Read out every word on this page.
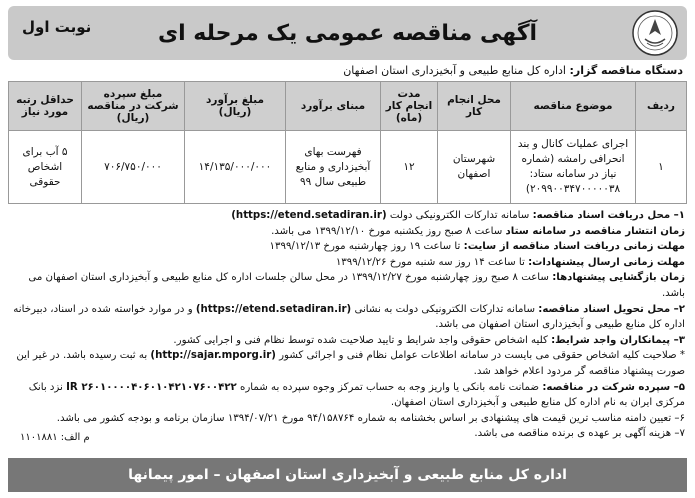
آگهی مناقصه عمومی یک مرحله ای
نوبت اول
دستگاه مناقصه گزار: اداره کل منابع طبیعی و آبخیزداری استان اصفهان
ردیف	موضوع مناقصه	محل انجام کار	مدت انجام کار (ماه)	مبنای برآورد	مبلغ برآورد (ریال)	مبلغ سپرده شرکت در مناقصه (ریال)	حداقل رتبه مورد نیاز
۱	اجرای عملیات کانال و بند انحرافی رامشه (شماره نیاز در سامانه ستاد: ۲۰۹۹۰۰۳۴۷۰۰۰۰۰۳۸)	شهرستان اصفهان	۱۲	فهرست بهای آبخیزداری و منابع طبیعی سال ۹۹	۱۴/۱۳۵/۰۰۰/۰۰۰	۷۰۶/۷۵۰/۰۰۰	۵ آب برای اشخاص حقوقی

۱– محل دریافت اسناد مناقصه: سامانه تدارکات الکترونیکی دولت (https://etend.setadiran.ir)

زمان انتشار مناقصه در سامانه ستاد ساعت ۸ صبح روز یکشنبه مورخ ۱۳۹۹/۱۲/۱۰ می باشد.

مهلت زمانی دریافت اسناد مناقصه از سایت: تا ساعت ۱۹ روز چهارشنبه مورخ ۱۳۹۹/۱۲/۱۳

مهلت زمانی ارسال پیشنهادات: تا ساعت ۱۴ روز سه شنبه مورخ ۱۳۹۹/۱۲/۲۶

زمان بازگشایی پیشنهادها: ساعت ۸ صبح روز چهارشنبه مورخ ۱۳۹۹/۱۲/۲۷ در محل سالن جلسات اداره کل منابع طبیعی و آبخیزداری استان اصفهان می باشد.

۲– محل تحویل اسناد مناقصه: سامانه تدارکات الکترونیکی دولت به نشانی (https://etend.setadiran.ir) و در موارد خواسته شده در اسناد، دبیرخانه اداره کل منابع طبیعی و آبخیزداری استان اصفهان می باشد.

۳– پیمانکاران واجد شرایط: کلیه اشخاص حقوقی واجد شرایط و تایید صلاحیت شده توسط نظام فنی و اجرایی کشور.

* صلاحیت کلیه اشخاص حقوقی می بایست در سامانه اطلاعات عوامل نظام فنی و اجرائی کشور (http://sajar.mporg.ir) به ثبت رسیده باشد. در غیر این صورت پیشنهاد مناقصه گر مردود اعلام خواهد شد.

۵– سپرده شرکت در مناقصه: ضمانت نامه بانکی یا واریز وجه به حساب تمرکز وجوه سپرده به شماره IR ۲۶۰۱۰۰۰۰۴۰۶۰۱۰۴۲۱۰۷۶۰۰۴۲۲ نزد بانک مرکزی ایران به نام اداره کل منابع طبیعی و آبخیزداری استان اصفهان.

۶– تعیین دامنه مناسب ترین قیمت های پیشنهادی بر اساس بخشنامه به شماره ۹۴/۱۵۸۷۶۴ مورخ ۱۳۹۴/۰۷/۲۱ سازمان برنامه و بودجه کشور می باشد.

۷– هزینه آگهی بر عهده ی برنده مناقصه می باشد.

م الف: ۱۱۰۱۸۸۱
اداره کل منابع طبیعی و آبخیزداری استان اصفهان – امور پیمانها
